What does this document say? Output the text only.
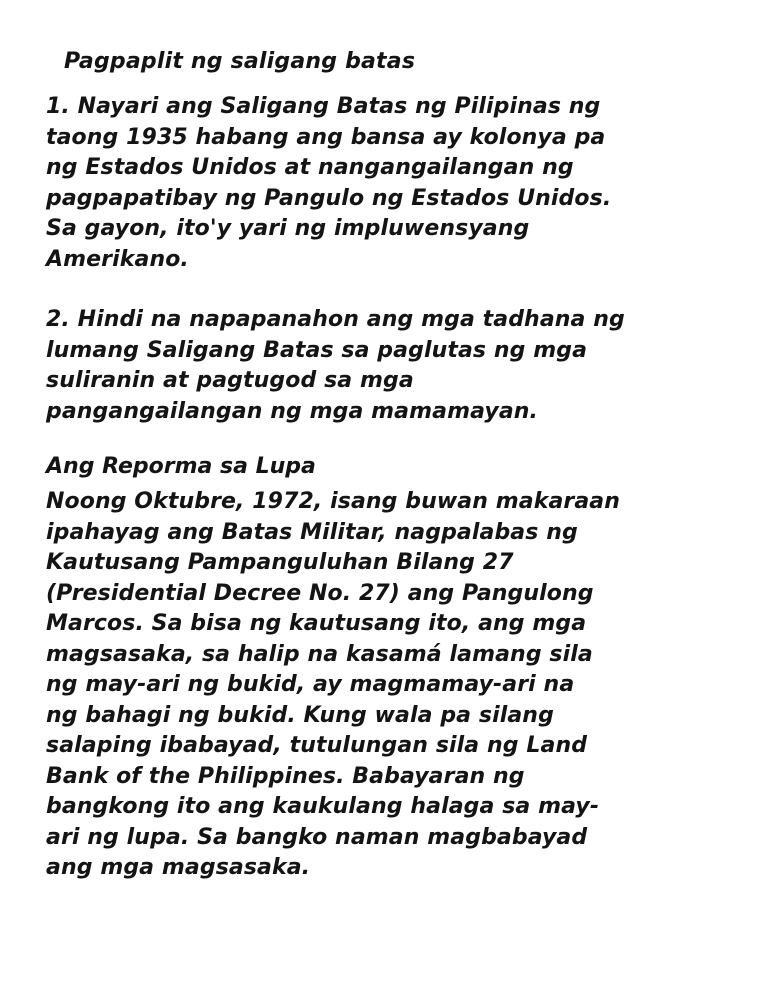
Pagpaplit ng saligang batas
1. Nayari ang Saligang Batas ng Pilipinas ng
taong 1935 habang ang bansa ay kolonya pa
ng Estados Unidos at nangangailangan ng
pagpapatibay ng Pangulo ng Estados Unidos.
Sa gayon, ito'y yari ng impluwensyang
Amerikano.
2. Hindi na napapanahon ang mga tadhana ng
lumang Saligang Batas sa paglutas ng mga
suliranin at pagtugod sa mga
pangangailangan ng mga mamamayan.
Ang Reporma sa Lupa
Noong Oktubre, 1972, isang buwan makaraan
ipahayag ang Batas Militar, nagpalabas ng
Kautusang Pampanguluhan Bilang 27
(Presidential Decree No. 27) ang Pangulong
Marcos. Sa bisa ng kautusang ito, ang mga
magsasaka, sa halip na kasamá lamang sila
ng may-ari ng bukid, ay magmamay-ari na
ng bahagi ng bukid. Kung wala pa silang
salaping ibabayad, tutulungan sila ng Land
Bank of the Philippines. Babayaran ng
bangkong ito ang kaukulang halaga sa may-
ari ng lupa. Sa bangko naman magbabayad
ang mga magsasaka.
